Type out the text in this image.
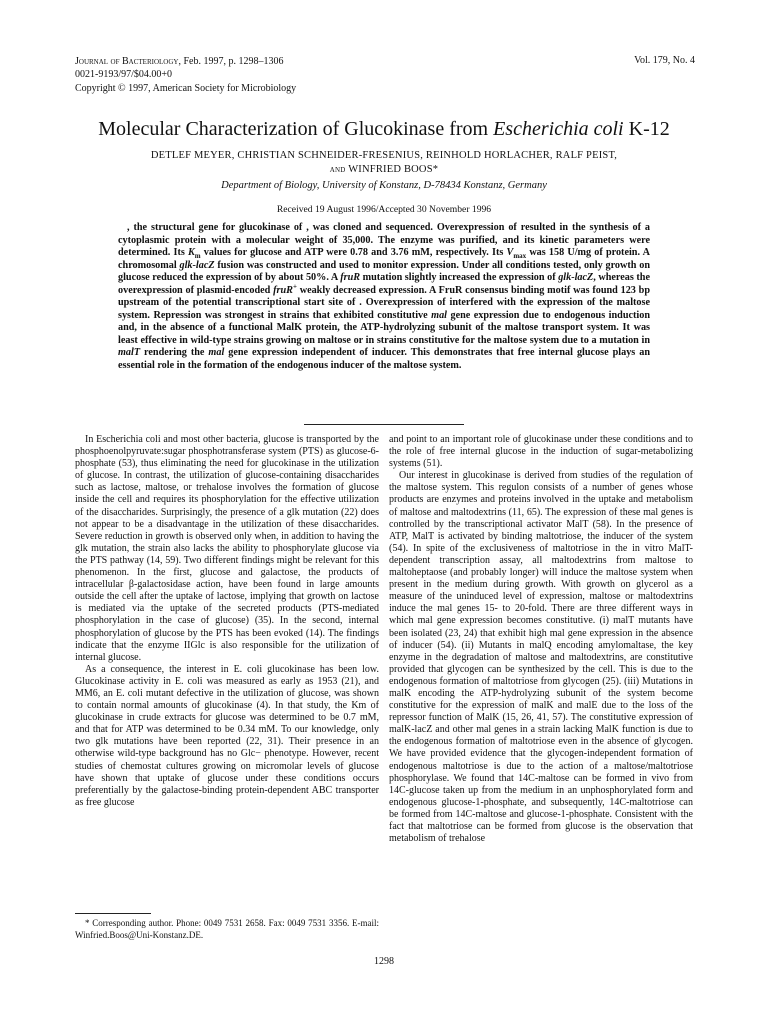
Journal of Bacteriology, Feb. 1997, p. 1298–1306
0021-9193/97/$04.00+0
Copyright © 1997, American Society for Microbiology
Vol. 179, No. 4
Molecular Characterization of Glucokinase from Escherichia coli K-12
DETLEF MEYER, CHRISTIAN SCHNEIDER-FRESENIUS, REINHOLD HORLACHER, RALF PEIST,
and WINFRIED BOOS*
Department of Biology, University of Konstanz, D-78434 Konstanz, Germany
Received 19 August 1996/Accepted 30 November 1996

, the structural gene for glucokinase of , was cloned and sequenced. Overexpression of resulted in the synthesis of a cytoplasmic protein with a molecular weight of 35,000. The enzyme was purified, and its kinetic parameters were determined. Its $K_m$ values for glucose and ATP were 0.78 and 3.76 mM, respectively. Its $V_{max}$ was 158 U/mg of protein. A chromosomal glk-lacZ fusion was constructed and used to monitor expression. Under all conditions tested, only growth on glucose reduced the expression of by about 50%. A fruR mutation slightly increased the expression of glk-lacZ, whereas the overexpression of plasmid-encoded fruR+ weakly decreased expression. A FruR consensus binding motif was found 123 bp upstream of the potential transcriptional start site of . Overexpression of interfered with the expression of the maltose system. Repression was strongest in strains that exhibited constitutive mal gene expression due to endogenous induction and, in the absence of a functional MalK protein, the ATP-hydrolyzing subunit of the maltose transport system. It was least effective in wild-type strains growing on maltose or in strains constitutive for the maltose system due to a mutation in malT rendering the mal gene expression independent of inducer. This demonstrates that free internal glucose plays an essential role in the formation of the endogenous inducer of the maltose system.

In Escherichia coli and most other bacteria, glucose is transported by the phosphoenolpyruvate:sugar phosphotransferase system (PTS) as glucose-6-phosphate (53), thus eliminating the need for glucokinase in the utilization of glucose. In contrast, the utilization of glucose-containing disaccharides such as lactose, maltose, or trehalose involves the formation of glucose inside the cell and requires its phosphorylation for the effective utilization of the disaccharides. Surprisingly, the presence of a glk mutation (22) does not appear to be a disadvantage in the utilization of these disaccharides. Severe reduction in growth is observed only when, in addition to having the glk mutation, the strain also lacks the ability to phosphorylate glucose via the PTS pathway (14, 59). Two different findings might be relevant for this phenomenon. In the first, glucose and galactose, the products of intracellular β-galactosidase action, have been found in large amounts outside the cell after the uptake of lactose, implying that growth on lactose is mediated via the uptake of the secreted products (PTS-mediated phosphorylation in the case of glucose) (35). In the second, internal phosphorylation of glucose by the PTS has been evoked (14). The findings indicate that the enzyme IIGlc is also responsible for the utilization of internal glucose.

As a consequence, the interest in E. coli glucokinase has been low. Glucokinase activity in E. coli was measured as early as 1953 (21), and MM6, an E. coli mutant defective in the utilization of glucose, was shown to contain normal amounts of glucokinase (4). In that study, the Km of glucokinase in crude extracts for glucose was determined to be 0.7 mM, and that for ATP was determined to be 0.34 mM. To our knowledge, only two glk mutations have been reported (22, 31). Their presence in an otherwise wild-type background has no Glc− phenotype. However, recent studies of chemostat cultures growing on micromolar levels of glucose have shown that uptake of glucose under these conditions occurs preferentially by the galactose-binding protein-dependent ABC transporter as free glucose

and point to an important role of glucokinase under these conditions and to the role of free internal glucose in the induction of sugar-metabolizing systems (51).

Our interest in glucokinase is derived from studies of the regulation of the maltose system. This regulon consists of a number of genes whose products are enzymes and proteins involved in the uptake and metabolism of maltose and maltodextrins (11, 65). The expression of these mal genes is controlled by the transcriptional activator MalT (58). In the presence of ATP, MalT is activated by binding maltotriose, the inducer of the system (54). In spite of the exclusiveness of maltotriose in the in vitro MalT-dependent transcription assay, all maltodextrins from maltose to maltoheptaose (and probably longer) will induce the maltose system when present in the medium during growth. With growth on glycerol as a measure of the uninduced level of expression, maltose or maltodextrins induce the mal genes 15- to 20-fold. There are three different ways in which mal gene expression becomes constitutive. (i) malT mutants have been isolated (23, 24) that exhibit high mal gene expression in the absence of inducer (54). (ii) Mutants in malQ encoding amylomaltase, the key enzyme in the degradation of maltose and maltodextrins, are constitutive provided that glycogen can be synthesized by the cell. This is due to the endogenous formation of maltotriose from glycogen (25). (iii) Mutations in malK encoding the ATP-hydrolyzing subunit of the system become constitutive for the expression of malK and malE due to the loss of the repressor function of MalK (15, 26, 41, 57). The constitutive expression of malK-lacZ and other mal genes in a strain lacking MalK function is due to the endogenous formation of maltotriose even in the absence of glycogen. We have provided evidence that the glycogen-independent formation of endogenous maltotriose is due to the action of a maltose/maltotriose phosphorylase. We found that 14C-maltose can be formed in vivo from 14C-glucose taken up from the medium in an unphosphorylated form and endogenous glucose-1-phosphate, and subsequently, 14C-maltotriose can be formed from 14C-maltose and glucose-1-phosphate. Consistent with the fact that maltotriose can be formed from glucose is the observation that metabolism of trehalose

* Corresponding author. Phone: 0049 7531 2658. Fax: 0049 7531 3356. E-mail: Winfried.Boos@Uni-Konstanz.DE.
1298
